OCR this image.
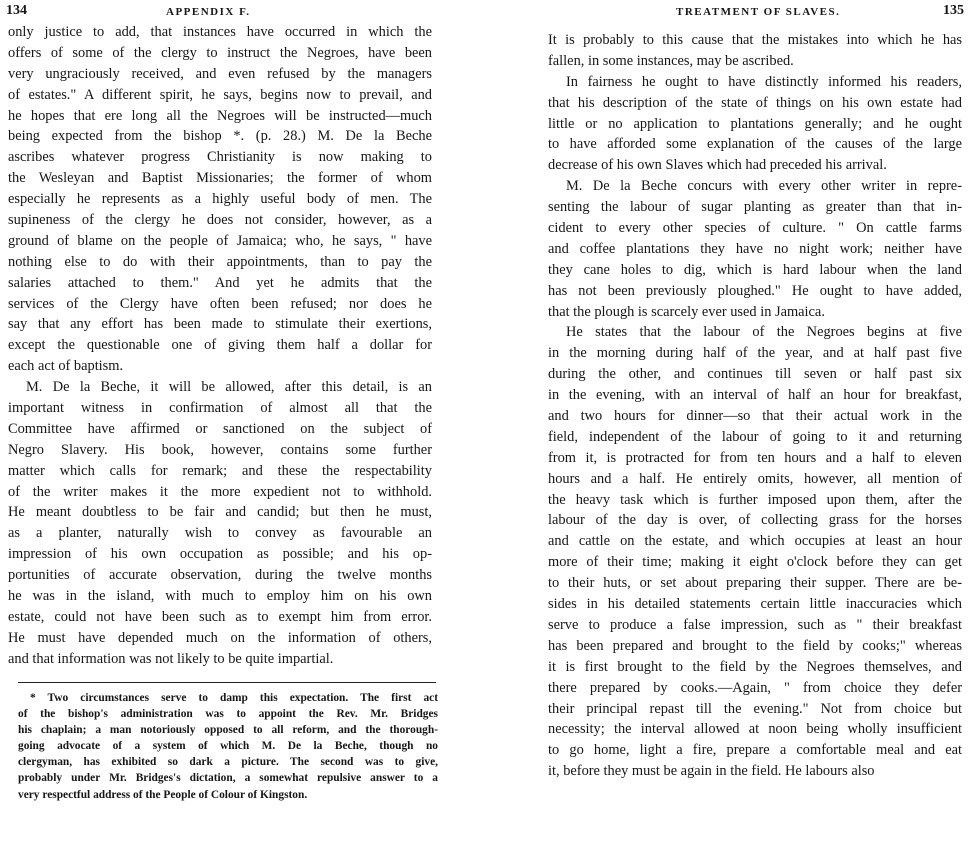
134	APPENDIX F.
only justice to add, that instances have occurred in which the
offers of some of the clergy to instruct the Negroes, have been
very ungraciously received, and even refused by the managers
of estates." A different spirit, he says, begins now to prevail, and
he hopes that ere long all the Negroes will be instructed—much
being expected from the bishop *. (p. 28.) M. De la Beche
ascribes whatever progress Christianity is now making to
the Wesleyan and Baptist Missionaries; the former of whom
especially he represents as a highly useful body of men. The
supineness of the clergy he does not consider, however, as a
ground of blame on the people of Jamaica; who, he says, " have
nothing else to do with their appointments, than to pay the
salaries attached to them." And yet he admits that the
services of the Clergy have often been refused; nor does he
say that any effort has been made to stimulate their exertions,
except the questionable one of giving them half a dollar for
each act of baptism.
M. De la Beche, it will be allowed, after this detail, is an
important witness in confirmation of almost all that the
Committee have affirmed or sanctioned on the subject of
Negro Slavery. His book, however, contains some further
matter which calls for remark; and these the respectability
of the writer makes it the more expedient not to withhold.
He meant doubtless to be fair and candid; but then he must,
as a planter, naturally wish to convey as favourable an
impression of his own occupation as possible; and his op-
portunities of accurate observation, during the twelve months
he was in the island, with much to employ him on his own
estate, could not have been such as to exempt him from error.
He must have depended much on the information of others,
and that information was not likely to be quite impartial.
* Two circumstances serve to damp this expectation. The first act
of the bishop's administration was to appoint the Rev. Mr. Bridges
his chaplain; a man notoriously opposed to all reform, and the thorough-
going advocate of a system of which M. De la Beche, though no
clergyman, has exhibited so dark a picture. The second was to give,
probably under Mr. Bridges's dictation, a somewhat repulsive answer to a
very respectful address of the People of Colour of Kingston.
TREATMENT OF SLAVES.	135
It is probably to this cause that the mistakes into which he has
fallen, in some instances, may be ascribed.
In fairness he ought to have distinctly informed his readers,
that his description of the state of things on his own estate had
little or no application to plantations generally; and he ought
to have afforded some explanation of the causes of the large
decrease of his own Slaves which had preceded his arrival.
M. De la Beche concurs with every other writer in repre-
senting the labour of sugar planting as greater than that in-
cident to every other species of culture. " On cattle farms
and coffee plantations they have no night work; neither have
they cane holes to dig, which is hard labour when the land
has not been previously ploughed." He ought to have added,
that the plough is scarcely ever used in Jamaica.
He states that the labour of the Negroes begins at five
in the morning during half of the year, and at half past five
during the other, and continues till seven or half past six
in the evening, with an interval of half an hour for breakfast,
and two hours for dinner—so that their actual work in the
field, independent of the labour of going to it and returning
from it, is protracted for from ten hours and a half to eleven
hours and a half. He entirely omits, however, all mention of
the heavy task which is further imposed upon them, after the
labour of the day is over, of collecting grass for the horses
and cattle on the estate, and which occupies at least an hour
more of their time; making it eight o'clock before they can get
to their huts, or set about preparing their supper. There are be-
sides in his detailed statements certain little inaccuracies which
serve to produce a false impression, such as " their breakfast
has been prepared and brought to the field by cooks;" whereas
it is first brought to the field by the Negroes themselves, and
there prepared by cooks.—Again, " from choice they defer
their principal repast till the evening." Not from choice but
necessity; the interval allowed at noon being wholly insufficient
to go home, light a fire, prepare a comfortable meal and eat
it, before they must be again in the field. He labours also
